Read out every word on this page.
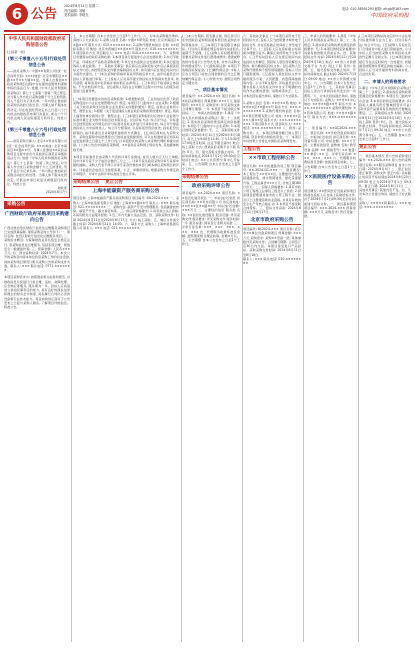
6 公告
2024年6月11日 星期二
责任编辑: 刘敏
美术编辑: 李晓光
电话: 010-58591293 邮箱: zfcgb@163.com
中国政府采购报
中华人民共和国财政部政府采购信息公告
(上接第一版)
(第三千零壹八十五号)行政处罚信息公告
——政府采购人: 中国××有限公司(统一社会信用代码: ×××)地址: 北京市朝阳区××路××号××大厦××层。当事人在参加××政府采购项目过程中存在提供虚假材料谋取中标的违法行为, 依据《中华人民共和国政府采购法》第七十七条第一款第一项之规定, 对当事人作出处以采购金额千分之五的罚款, 列入不良行为记录名单, 一年内禁止参加政府采购活动的行政处罚。当事人如不服本处罚决定, 可在收到处罚决定书之日起六十日内依法向财政部申请行政复议, 或在六个月内依法向人民法院提起行政诉讼。特此公告。
(第三千零壹八十六号)行政处罚信息公告
——政府采购当事人: 北京××科技有限公司(统一社会信用代码: ×××)地址: 北京市海淀区××路××号。当事人在参加××政府采购项目过程中存在与其他供应商恶意串通的违法行为, 依据《中华人民共和国政府采购法》第七十七条第一款第三项之规定, 对当事人作出处以采购金额千分之五的罚款, 列入不良行为记录名单, 一年内禁止参加政府采购活动的行政处罚。当事人如不服本处罚决定, 可依法申请行政复议或提起行政诉讼。特此公告。
财政部
2024年6月7日
采购公告
广西财政厅政府采购项目采购意向公告
广西壮族自治区财政厅信息化运维服务采购项目已完成预算编制, 现将采购意向公开如下: 一、项目名称: 自治区财政厅信息化运维服务项目; 二、采购需求概况: 为保障财政业务系统安全稳定运行, 需采购信息化运维服务, 包括系统运维、网络安全、数据备份等; 三、预算金额: 人民币×××万元; 四、预计采购时间: 2024年7月。本次公开的采购意向是本单位政府采购工作的初步安排, 具体采购项目情况以相关采购公告和采购文件为准。联系人: ××× 联系电话: 0771-×××××××
本项目采购需求为: 按照国家相关标准和规范, 对财政信息系统进行日常运维、巡检、故障处理、应急响应等服务, 服务期为一年。投标人应具备独立承担民事责任的能力, 具有良好的商业信誉和健全的财务会计制度, 具有履行合同所必需的设备和专业技术能力。有意向的供应商可于公告发布之日起与采购人联系, 了解项目详细信息。特此公告。
七、本公告期限: 自本公告发布之日起5个工作日。八、对本次采购提出询问, 请按以下方式联系: 1.采购人信息 名称: 中国××研究院 地址: 北京市海淀区××路××号 联系方式: 010-××××××××; 2.采购代理机构信息 名称: ××招标有限公司 地址: 北京市西城区××街××号 联系方式: 010-××××××××; 3.项目联系方式 项目联系人: ××× 电话: 010-××××××××。九、采购项目需要落实的政府采购政策: 1.本项目执行促进中小企业发展政策; 2.执行节能产品、环境标志产品政府采购政策; 3.执行支持监狱企业发展政策; 4.执行促进残疾人就业政策。十、其他补充事宜: 供应商应在获取招标文件后认真阅读招标文件内容, 并按照招标文件要求编制投标文件, 如有疑问应在规定时间内以书面形式提出。(一)本次采购的资格审查采用资格后审方式, 由评标委员会对投标人资格进行审查。(二)投标人应对其所提交的投标文件的真实性负责, 如有虚假, 将取消其中标资格并承担相应法律责任。(三)本项目不接受联合体投标, 不允许转包和分包。(四)采购人有权在合同履行过程中对中标人的服务质量进行监督考核。
(二)本项目需要落实的政府采购政策: 1.根据财政部、工业和信息化部《政府采购促进中小企业发展管理办法》规定, 本项目专门面向中小企业采购; 2.根据《关于政府采购支持监狱企业发展有关问题的通知》规定, 监狱企业视同小型、微型企业; 3.根据《关于促进残疾人就业政府采购政策的通知》规定, 残疾人福利性单位视同小型、微型企业。(三)本项目采购标的对应的中小企业划分标准所属行业为软件和信息技术服务业。(四)评标方法: 综合评分法。评标委员会按照招标文件规定的评分标准对投标文件进行评审和比较, 综合评分最高的投标人为中标候选人。综合评分相等时, 以投标报价低的优先; 投标报价也相等的, 由评标委员会采取随机抽取的方式确定。(五)供应商如认为采购文件、采购过程和中标结果使自己的权益受到损害的, 可以在知道或者应知其权益受到损害之日起七个工作日内, 以书面形式向采购人或采购代理机构提出质疑。(六)本公告在中国政府采购网、××省政府采购网上同步发布, 其他媒体转载无效。
本项目评标委员会由采购人代表和评审专家组成, 成员人数为五人以上单数, 其中评审专家不少于成员总数的三分之二。评审专家从政府采购评审专家库中随机抽取。采购人代表不得以评审专家身份参加本部门或本单位采购项目的评审。评标委员会成员应当按照客观、公正、审慎的原则, 根据采购文件规定的评审程序、评审方法和评审标准进行独立评审。
采购结果公告 更正公告
上海申能碳资产服务商采购公告
项目名称: 上海申能碳资产服务商采购项目 项目编号: SN-2024-××× 一、采购人: 上海申能集团有限公司 地址: 上海市××路××号 联系人: ××× 联系电话: 021-×××××××× 二、采购内容: 碳资产开发与管理服务, 包括碳排放核算、碳资产开发、碳交易咨询等。三、供应商资格要求: 1.具有独立法人资格; 2.具有相关行业服务经验; 3.近三年内无重大违法记录。四、获取采购文件: 时间 2024年6月11日至2024年6月17日; 方式: 线上获取。五、响应文件递交截止时间: 2024年6月21日 14:00。六、联系方式 采购人: 上海申能集团有限公司 联系人: ××× 电话: 021-××××××××。
(二)本公告期间, 报名截止前, 供应商可以在中国政府采购网查阅本项目的采购需求和资格条件。(三)本项目不接受联合体投标。(四)供应商须在规定时间内完成报名, 逾期不予受理。(五)采购人有权根据项目需要对采购文件进行澄清或修改, 澄清或修改的内容将以公告形式发布, 并作为采购文件的组成部分。(六)投标保证金: 本项目不收取投标保证金。(七)履约保证金: 中标人应在合同签订前按合同金额的百分之五缴纳履约保证金。(八)付款方式: 按照合同约定分期支付。
一、项目基本情况
项目编号: ××-2024-××× 项目名称: ××政府采购项目 预算金额: ×××万元 最高限价: ×××万元 采购需求: 详见采购文件 合同履行期限: 一年 本项目不接受联合体投标。二、申请人的资格要求: 1.满足《中华人民共和国政府采购法》第二十二条规定; 2.落实政府采购政策需满足的资格要求: 本项目专门面向中小企业采购; 3.本项目的特定资格要求: 无。三、获取招标文件 时间: 2024年6月11日至2024年6月18日, 每天上午9:00至11:30, 下午13:30至17:00(北京时间, 法定节假日除外) 地点: 线上获取 方式: 登录政府采购平台下载 售价: 0元。四、提交投标文件截止时间、开标时间和地点 2024年7月2日 09:30(北京时间) 地点: ××公共资源交易中心开标室。五、公告期限 自本公告发布之日起5个工作日。
采购结果公告
政府采购评审公告
项目编号: ××-2024-××× 项目名称: ××信息化建设项目 一、中标(成交)信息 供应商名称: ××科技有限公司 供应商地址: ××市××区××路××号 中标(成交)金额: ×××万元 二、主要标的信息 服务类 名称: ××信息化建设服务 服务范围: 详见采购文件 服务要求: 详见采购文件 服务时间: 一年 服务标准: 国家及行业相关标准 三、评审专家名单: ×××、×××、×××、×××、××× 四、代理服务收费标准及金额: 按照国家相关规定收取, 金额×万元。五、公告期限 自本公告发布之日起1个工作日。
六、其他补充事宜 (一)本项目采用电子化招投标方式, 投标人应当按照要求制作电子投标文件, 并在投标截止时间前上传至电子交易平台。(二)投标人应在投标截止时间前办理数字证书, 确保正常使用电子交易平台。(三)开标时投标人应在规定时间内完成投标文件解密, 因投标人原因导致解密失败的, 视为撤销其投标文件。(四)采购人及采购代理机构不组织现场踏勘, 投标人可自行踏勘现场。(五)投标人须在投标文件中提供服务方案、人员配置、质量保障措施等内容。(六)评审过程中, 评标委员会可以要求投标人对投标文件中含义不明确的内容作出必要的澄清、说明或者补正。七、对本次招标提出询问, 请按以下方式联系。
1.采购人信息 名称: ××市××局 地址: ××市××区××路××号 联系方式: ×××-×××××××× 2.采购代理机构信息 名称: ××项目管理有限公司 地址: ××市××区××大厦××层 联系方式: ×××-×××××××× 3.项目联系方式 项目联系人: ××× 电话: ×××-×××××××× 八、附件: 采购文件。九、本项目预算金额已纳入部门预算, 资金来源为财政性资金。十、本项目中标结果公告将在中国政府采购网发布。
工程公告
××市政工程招标公告
项目名称: ××市政道路改造工程 项目编号: ××-2024-GC-××× 一、项目概况: 本工程位于××市××区, 主要建设内容包括道路改造、排水管网建设、绿化景观提升等, 工程估算价×××万元, 计划工期180日历天。二、投标人资格要求: 1.具有市政公用工程施工总承包三级及以上资质; 2.拟派项目经理须具备市政公用工程专业二级及以上注册建造师执业资格, 并具有有效的安全生产考核合格证书; 3.本项目不接受联合体投标。三、招标文件获取: 2024年6月11日至6月17日。
北京市政府采购公告
项目编号: BJ-2024-××× 项目名称: 北京市××单位设备采购项目 预算金额: ×××万元 采购需求: 采购××设备一批, 具体参数详见采购文件。合同履行期限: 合同签订后30日内交货。本项目接受进口产品投标。获取采购文件时间: 2024年6月11日至6月18日。
联系人: ××× 联系电话: 010-××××××××
三、申请人的资格要求: 1.满足《中华人民共和国政府采购法》第二十二条规定; 2.落实政府采购政策需满足的资格要求: 无; 3.本项目的特定资格要求: 具备有效的相关资质证书。四、获取招标文件 时间: 2024年6月11日至2024年6月18日 地点: ××市公共资源交易平台 方式: 网上下载 售价: 免费。五、提交投标文件截止时间、开标时间和地点 截止时间: 2024年7月3日 09:00 地点: ××市公共资源交易中心。六、公告期限 自本公告发布之日起5个工作日。七、其他补充事宜: 投标人需自行承担投标所发生的一切费用。八、对本次招标提出询问, 请按以下方式联系: 采购人: ××市××中心 地址: ××市××路××号 联系方式: ×××-×××××××× 采购代理机构: ××咨询有限公司 地址: ××市××路××号 联系方式: ×××-××××××××。
一、项目编号: ××GC2024-××× 二、项目名称: ××学校设备采购项目 三、中标(成交)信息 供应商名称: ××设备有限公司 中标金额: ×××万元 四、主要标的信息 货物类 名称: 教学设备 品牌: ×× 规格型号: ×× 数量: ×× 单价: ×× 五、评审专家名单: ×××、×××、××× 六、代理服务收费标准及金额: 按国家规定收取。七、公告期限 自本公告发布之日起1个工作日。
××医院医疗设备采购公告
项目概况: ××医院医疗设备采购项目的潜在投标人应在线上获取招标文件, 并于2024年7月2日09:30(北京时间)前递交投标文件。一、项目基本情况 项目编号: ×××-2024-××× 预算金额: ×××万元 采购需求: 医疗设备一批。
(三)本项目采购标的对应的中小企业划分标准所属行业为工业。(四)评标方法: 综合评分法。(五)采购人有权在签订合同前对中标人进行资格复核。(六)中标人应当按照采购文件和投标文件的约定履行合同义务。(七)本项目的质疑应当在法定时间内一次性提出, 质疑函需按照财政部规定的格式编制。(八)投标人应当对所提供材料的真实性、合法性负责。
二、申请人的资格要求
1.满足《中华人民共和国政府采购法》第二十二条规定; 2.落实政府采购政策需满足的资格要求: 本项目专门面向中小企业; 3.本项目的特定资格要求: (1)投标人须具有医疗器械经营许可证; (2)所投产品须具有有效的医疗器械注册证。三、获取招标文件 时间: 2024年6月11日至2024年6月18日 方式: 线上获取 售价: 0元。四、提交投标文件截止时间、开标时间和地点 2024年7月2日 09:30 地点: ××市公共资源交易中心。五、公告期限 自本公告发布之日起5个工作日。
更正公告
一、项目基本情况 原公告的采购项目编号: ××-2024-××× 原公告的采购项目名称: ××服务采购项目 首次公告日期: 2024年6月4日 二、更正信息 更正事项: 采购文件 更正内容: 投标截止时间及开标时间由2024年6月25日 09:30 更正为2024年7月1日 09:30。更正日期: 2024年6月11日 三、其他补充事宜: 其他内容不变。四、凡对本次公告提出询问, 请按以下方式联系。
采购人: ××市××局 联系人: ××× 电话: ×××-××××××××
